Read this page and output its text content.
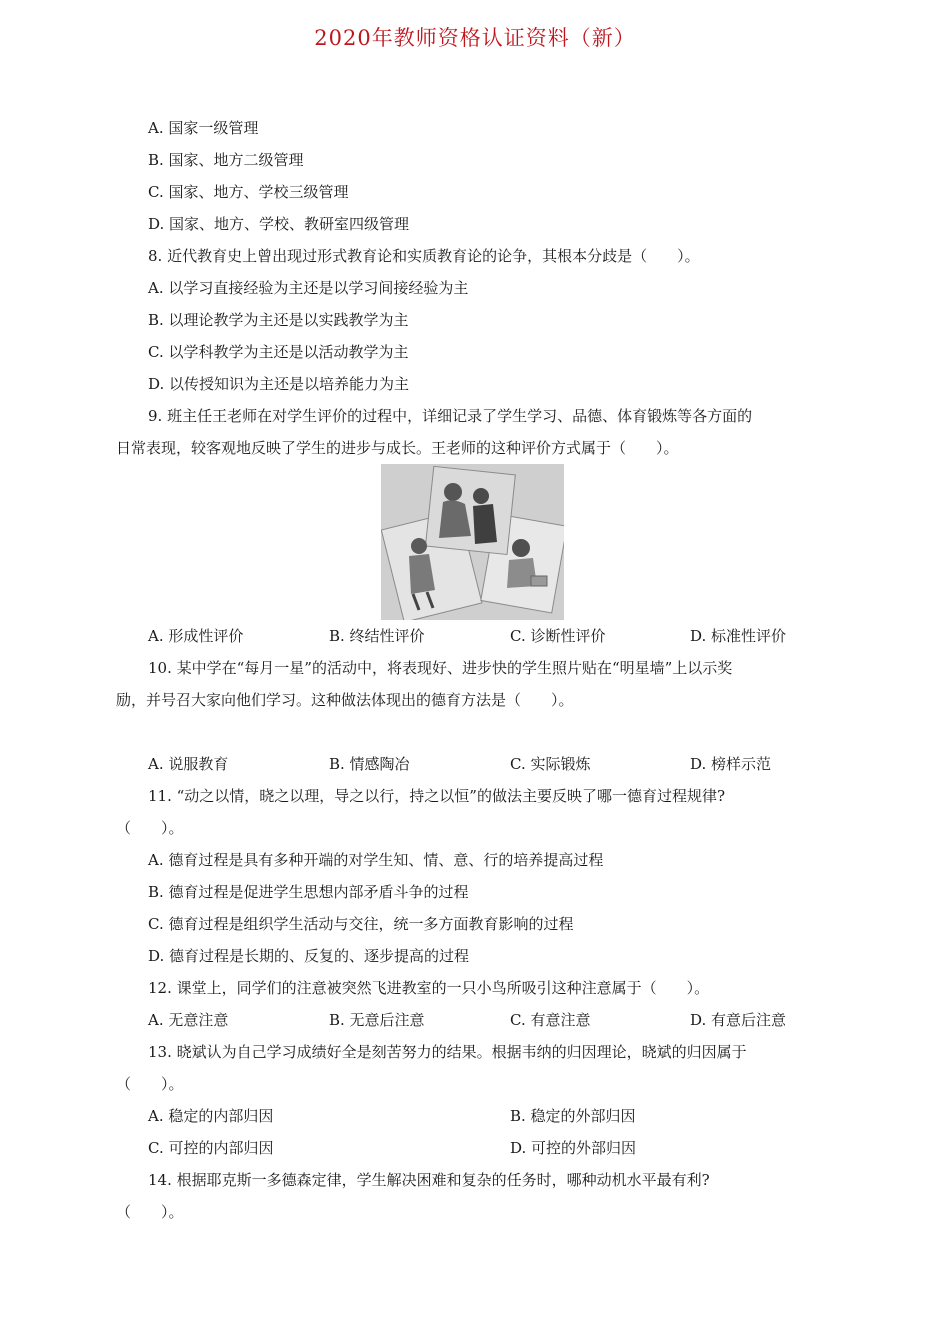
2020年教师资格认证资料（新）
A. 国家一级管理
B. 国家、地方二级管理
C. 国家、地方、学校三级管理
D. 国家、地方、学校、教研室四级管理
8. 近代教育史上曾出现过形式教育论和实质教育论的论争，其根本分歧是（　　）。
A. 以学习直接经验为主还是以学习间接经验为主
B. 以理论教学为主还是以实践教学为主
C. 以学科教学为主还是以活动教学为主
D. 以传授知识为主还是以培养能力为主
9. 班主任王老师在对学生评价的过程中，详细记录了学生学习、品德、体育锻炼等各方面的
日常表现，较客观地反映了学生的进步与成长。王老师的这种评价方式属于（　　）。
A. 形成性评价	B. 终结性评价	C. 诊断性评价	D. 标准性评价
10. 某中学在“每月一星”的活动中，将表现好、进步快的学生照片贴在“明星墙”上以示奖
励，并号召大家向他们学习。这种做法体现出的德育方法是（　　）。
A. 说服教育	B. 情感陶冶	C. 实际锻炼	D. 榜样示范
11. “动之以情，晓之以理，导之以行，持之以恒”的做法主要反映了哪一德育过程规律?
（　　）。
A. 德育过程是具有多种开端的对学生知、情、意、行的培养提高过程
B. 德育过程是促进学生思想内部矛盾斗争的过程
C. 德育过程是组织学生活动与交往，统一多方面教育影响的过程
D. 德育过程是长期的、反复的、逐步提高的过程
12. 课堂上，同学们的注意被突然飞进教室的一只小鸟所吸引这种注意属于（　　）。
A. 无意注意	B. 无意后注意	C. 有意注意	D. 有意后注意
13. 晓斌认为自己学习成绩好全是刻苦努力的结果。根据韦纳的归因理论，晓斌的归因属于
（　　）。
A. 稳定的内部归因	B. 稳定的外部归因
C. 可控的内部归因	D. 可控的外部归因
14. 根据耶克斯一多德森定律，学生解决困难和复杂的任务时，哪种动机水平最有利?
（　　）。
